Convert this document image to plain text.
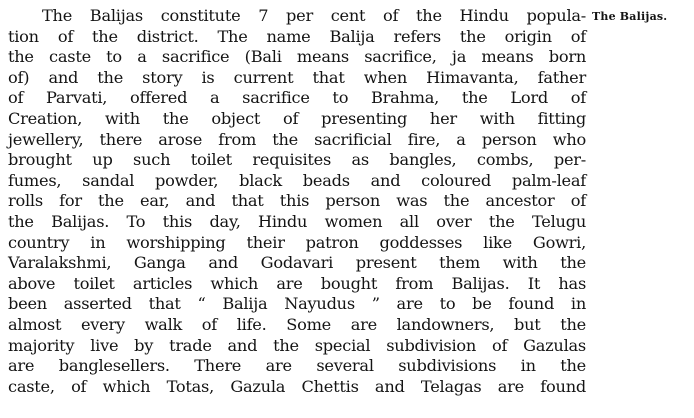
The Balijas constitute 7 per cent of the Hindu popula-
tion of the district. The name Balija refers the origin of
the caste to a sacrifice (Bali means sacrifice, ja means born
of) and the story is current that when Himavanta, father
of Parvati, offered a sacrifice to Brahma, the Lord of
Creation, with the object of presenting her with fitting
jewellery, there arose from the sacrificial fire, a person who
brought up such toilet requisites as bangles, combs, per-
fumes, sandal powder, black beads and coloured palm-leaf
rolls for the ear, and that this person was the ancestor of
the Balijas. To this day, Hindu women all over the Telugu
country in worshipping their patron goddesses like Gowri,
Varalakshmi, Ganga and Godavari present them with the
above toilet articles which are bought from Balijas. It has
been asserted that “ Balija Nayudus ” are to be found in
almost every walk of life. Some are landowners, but the
majority live by trade and the special subdivision of Gazulas
are banglesellers. There are several subdivisions in the
caste, of which Totas, Gazula Chettis and Telagas are found
The Balijas.
